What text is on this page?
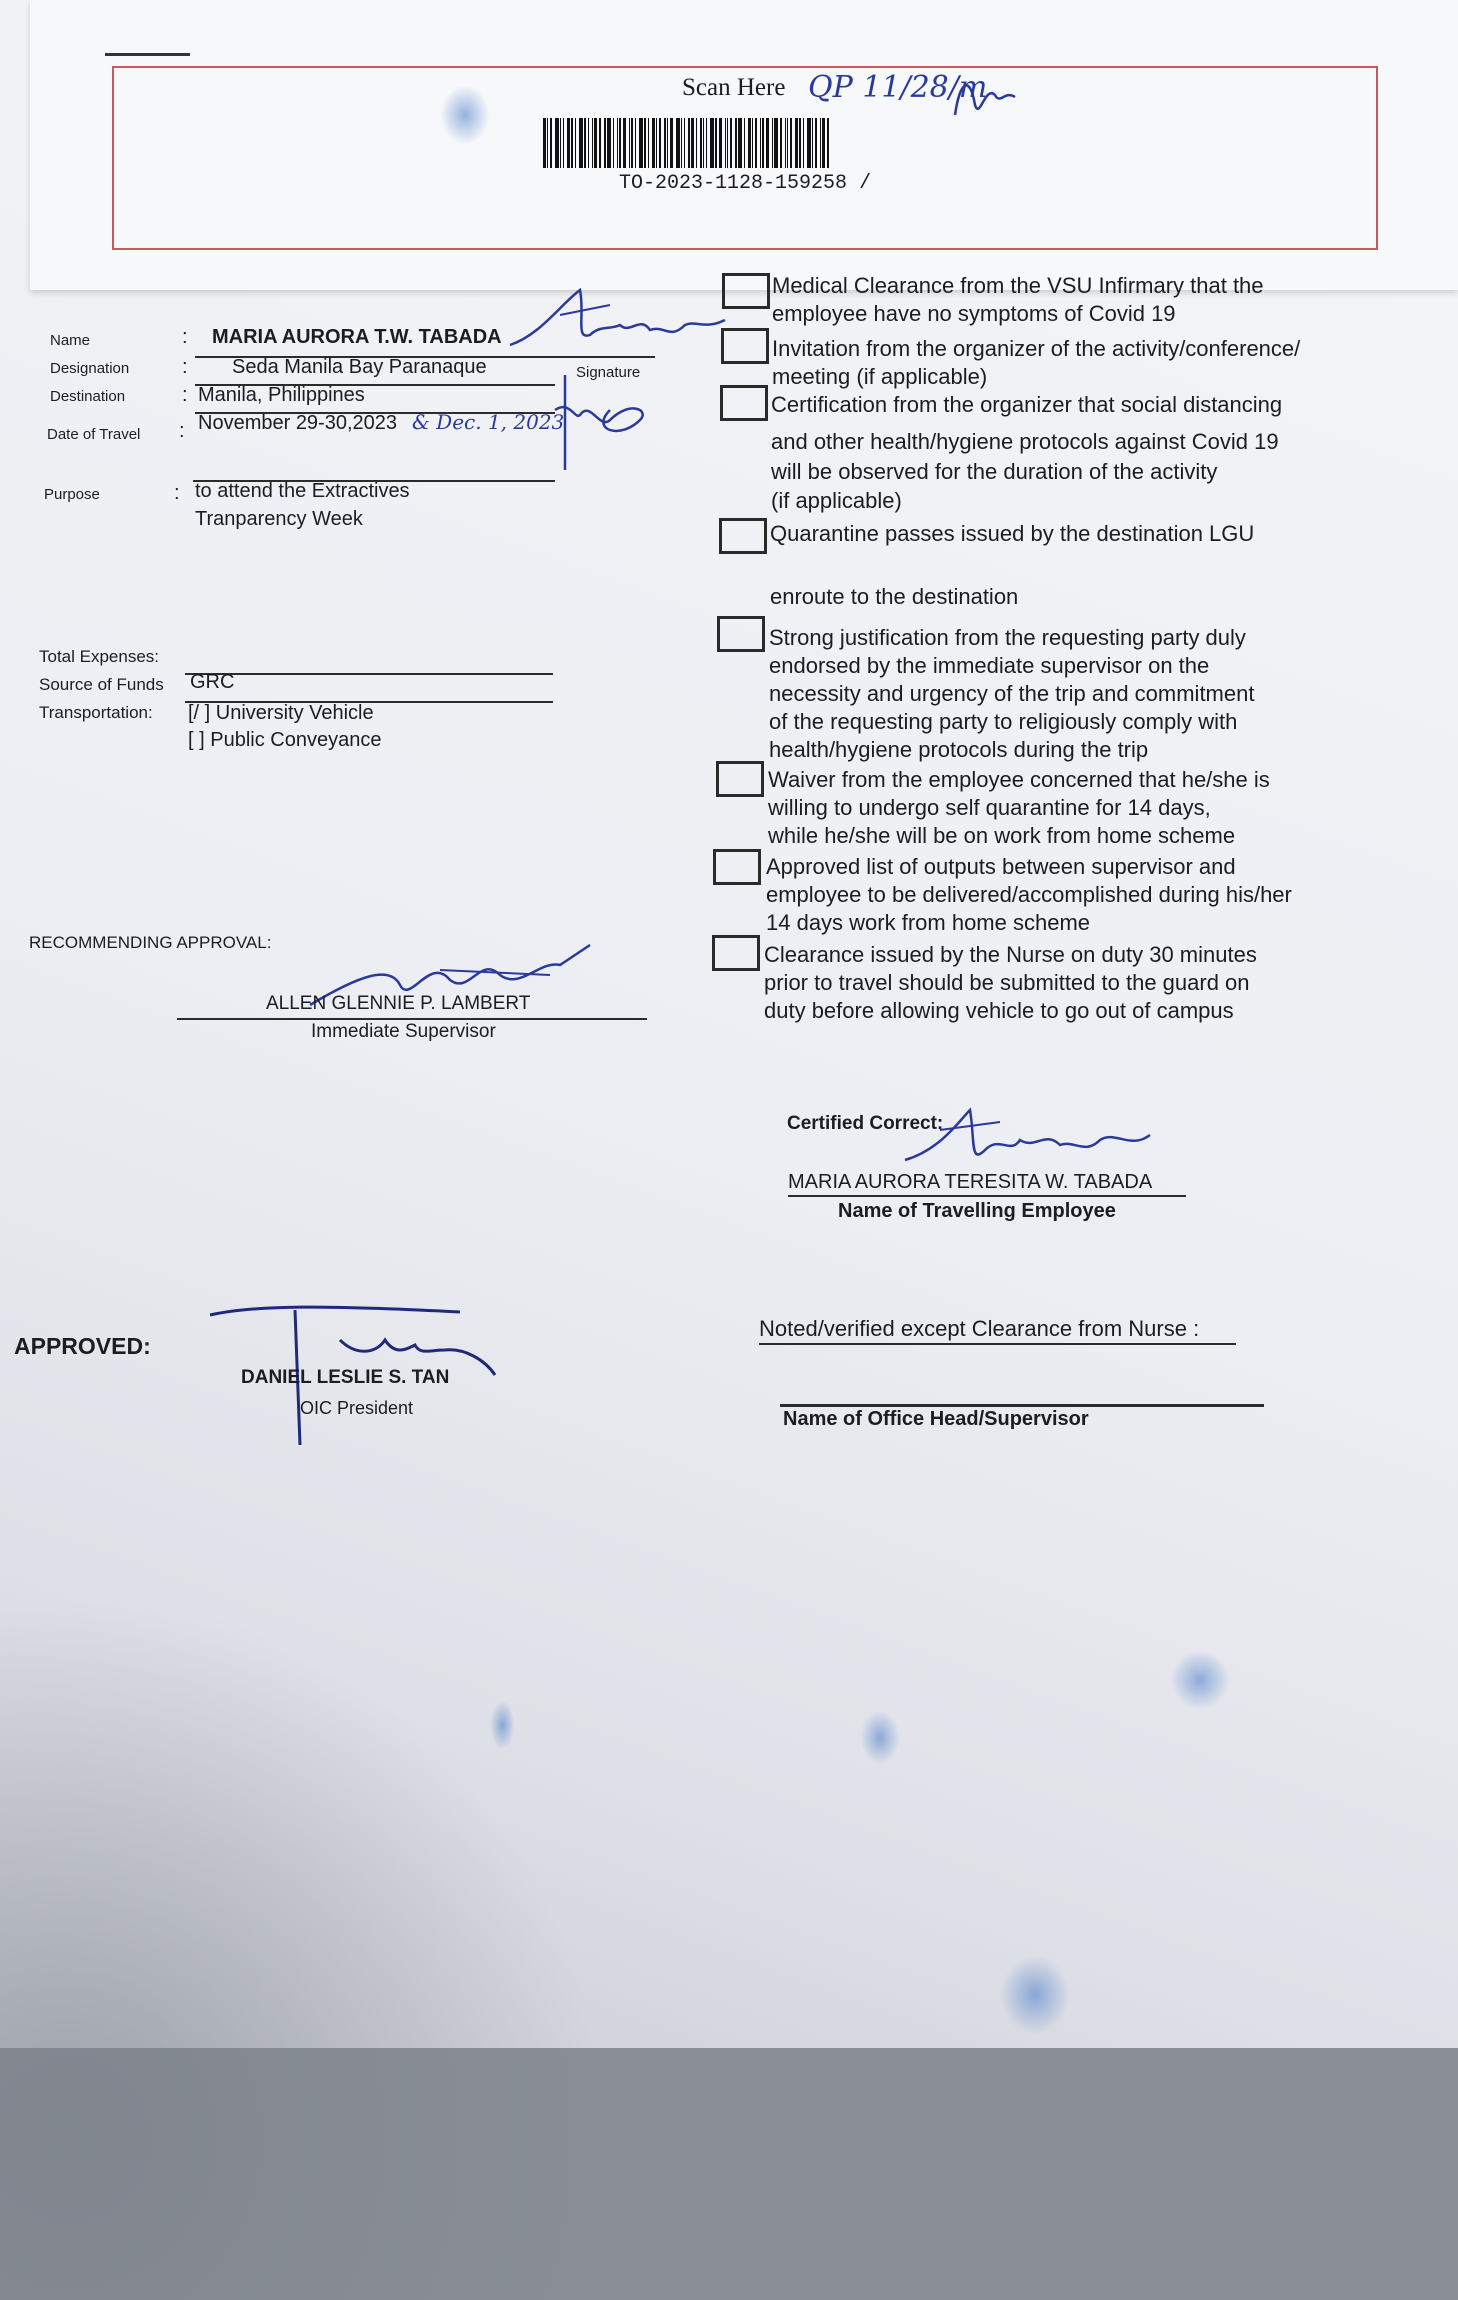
Scan Here QP 11/28/m
TO-2023-1128-159258 /
Name	: MARIA AURORA T.W. TABADA
Designation	: Seda Manila Bay Paranaque	Signature
Destination	: Manila, Philippines
Date of Travel : November 29-30,2023 & Dec. 1, 2023
Purpose	: to attend the Extractives
Tranparency Week
Total Expenses:
Source of Funds GRC
Transportation: [/ ] University Vehicle
[ ] Public Conveyance
RECOMMENDING APPROVAL:
ALLEN GLENNIE P. LAMBERT
Immediate Supervisor
APPROVED:
DANIEL LESLIE S. TAN
OIC President
Medical Clearance from the VSU Infirmary that the
employee have no symptoms of Covid 19
Invitation from the organizer of the activity/conference/
meeting (if applicable)
Certification from the organizer that social distancing
and other health/hygiene protocols against Covid 19
will be observed for the duration of the activity
(if applicable)
Quarantine passes issued by the destination LGU
enroute to the destination
Strong justification from the requesting party duly
endorsed by the immediate supervisor on the
necessity and urgency of the trip and commitment
of the requesting party to religiously comply with
health/hygiene protocols during the trip
Waiver from the employee concerned that he/she is
willing to undergo self quarantine for 14 days,
while he/she will be on work from home scheme
Approved list of outputs between supervisor and
employee to be delivered/accomplished during his/her
14 days work from home scheme
Clearance issued by the Nurse on duty 30 minutes
prior to travel should be submitted to the guard on
duty before allowing vehicle to go out of campus
Certified Correct:
MARIA AURORA TERESITA W. TABADA
Name of Travelling Employee
Noted/verified except Clearance from Nurse :
Name of Office Head/Supervisor
